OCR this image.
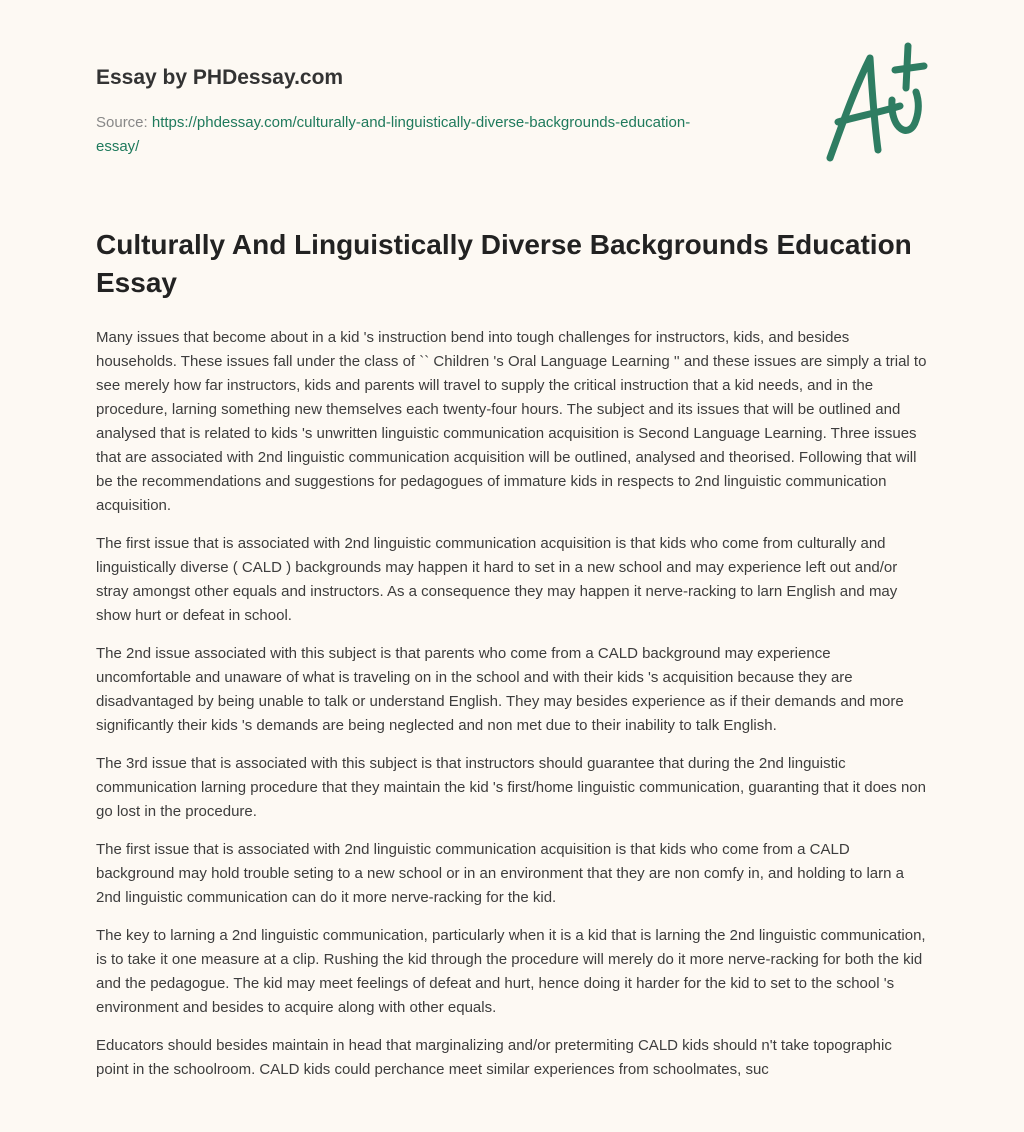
Essay by PHDessay.com
Source: https://phdessay.com/culturally-and-linguistically-diverse-backgrounds-education-essay/
Culturally And Linguistically Diverse Backgrounds Education Essay

Many issues that become about in a kid 's instruction bend into tough challenges for instructors, kids, and besides households. These issues fall under the class of `` Children 's Oral Language Learning '' and these issues are simply a trial to see merely how far instructors, kids and parents will travel to supply the critical instruction that a kid needs, and in the procedure, larning something new themselves each twenty-four hours. The subject and its issues that will be outlined and analysed that is related to kids 's unwritten linguistic communication acquisition is Second Language Learning. Three issues that are associated with 2nd linguistic communication acquisition will be outlined, analysed and theorised. Following that will be the recommendations and suggestions for pedagogues of immature kids in respects to 2nd linguistic communication acquisition.

The first issue that is associated with 2nd linguistic communication acquisition is that kids who come from culturally and linguistically diverse ( CALD ) backgrounds may happen it hard to set in a new school and may experience left out and/or stray amongst other equals and instructors. As a consequence they may happen it nerve-racking to larn English and may show hurt or defeat in school.

The 2nd issue associated with this subject is that parents who come from a CALD background may experience uncomfortable and unaware of what is traveling on in the school and with their kids 's acquisition because they are disadvantaged by being unable to talk or understand English. They may besides experience as if their demands and more significantly their kids 's demands are being neglected and non met due to their inability to talk English.

The 3rd issue that is associated with this subject is that instructors should guarantee that during the 2nd linguistic communication larning procedure that they maintain the kid 's first/home linguistic communication, guaranting that it does non go lost in the procedure.

The first issue that is associated with 2nd linguistic communication acquisition is that kids who come from a CALD background may hold trouble seting to a new school or in an environment that they are non comfy in, and holding to larn a 2nd linguistic communication can do it more nerve-racking for the kid.

The key to larning a 2nd linguistic communication, particularly when it is a kid that is larning the 2nd linguistic communication, is to take it one measure at a clip. Rushing the kid through the procedure will merely do it more nerve-racking for both the kid and the pedagogue. The kid may meet feelings of defeat and hurt, hence doing it harder for the kid to set to the school 's environment and besides to acquire along with other equals.

Educators should besides maintain in head that marginalizing and/or pretermiting CALD kids should n't take topographic point in the schoolroom. CALD kids could perchance meet similar experiences from schoolmates, suc
